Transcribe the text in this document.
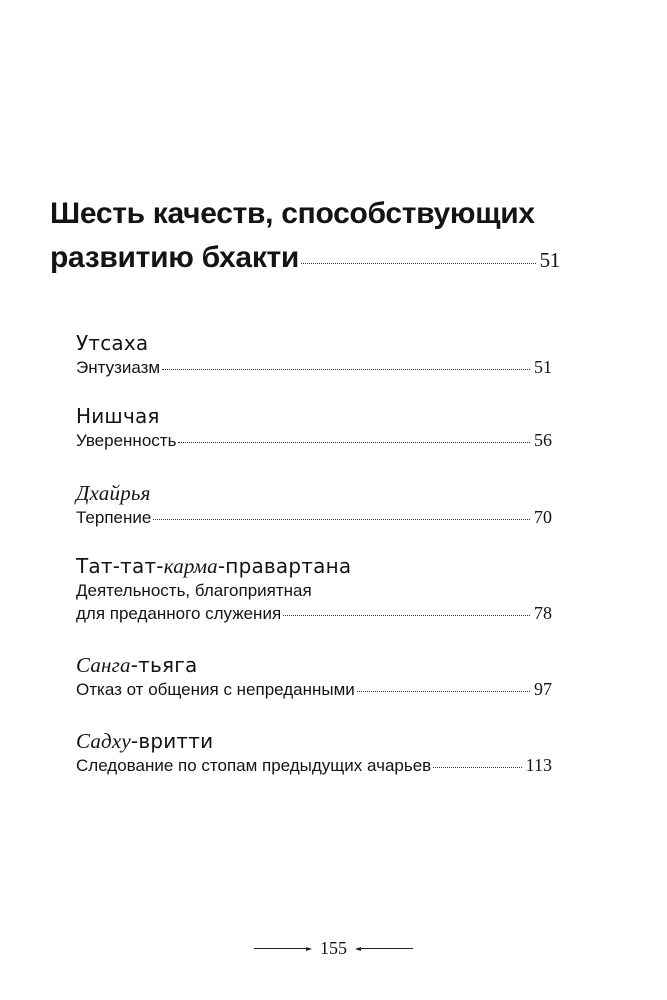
Шесть качеств, способствующих
развитию бхакти	51
Утсаха
Энтузиазм	51
Нишчая
Уверенность	56
Дхайрья
Терпение	70
Тат-тат-карма-правартана
Деятельность, благоприятная
для преданного служения	78
Санга-тьяга
Отказ от общения с непреданными	97
Садху-вритти
Следование по стопам предыдущих ачарьев	113
155
